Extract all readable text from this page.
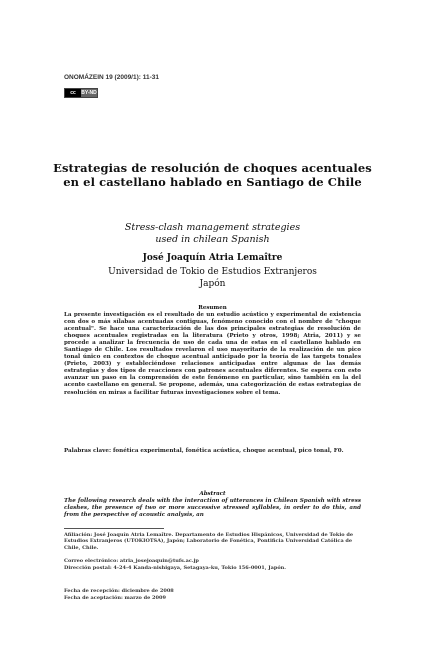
ONOMÁZEIN 19 (2009/1): 11-31
cc	BY-ND
Estrategias de resolución de choques acentuales
en el castellano hablado en Santiago de Chile
Stress-clash management strategies
used in chilean Spanish
José Joaquín Atria Lemaître
Universidad de Tokio de Estudios Extranjeros
Japón
Resumen
La presente investigación es el resultado de un estudio acústico y experimental de existencia con dos o más sílabas acentuadas contiguas, fenómeno conocido con el nombre de "choque acentual". Se hace una caracterización de las dos principales estrategias de resolución de choques acentuales registradas en la literatura (Prieto y otros, 1998; Atria, 2011) y se procede a analizar la frecuencia de uso de cada una de estas en el castellano hablado en Santiago de Chile. Los resultados revelaron el uso mayoritario de la realización de un pico tonal único en contextos de choque acentual anticipado por la teoría de las targets tonales (Prieto, 2003) y estableciéndose relaciones anticipadas entre algunas de las demás estrategias y dos tipos de reacciones con patrones acentuales diferentes. Se espera con esto avanzar un paso en la comprensión de este fenómeno en particular, sino también en la del acento castellano en general. Se propone, además, una categorización de estas estrategias de resolución en miras a facilitar futuras investigaciones sobre el tema.
Palabras clave: fonética experimental, fonética acústica, choque acentual, pico tonal, F0.
Abstract
The following research deals with the interaction of utterances in Chilean Spanish with stress clashes, the presence of two or more successive stressed syllables, in order to do this, and from the perspective of acoustic analysis, an
Afiliación: José Joaquín Atria Lemaître. Departamento de Estudios Hispánicos, Universidad de Tokio de Estudios Extranjeros (UTOKIOTSA), Japón; Laboratorio de Fonética, Pontificia Universidad Católica de Chile, Chile.
Correo electrónico: atria_josejoaquin@tufs.ac.jp
Dirección postal: 4-24-4 Kanda-nishigaya, Setagaya-ku, Tokio 156-0001, Japón.
Fecha de recepción: diciembre de 2008
Fecha de aceptación: marzo de 2009
